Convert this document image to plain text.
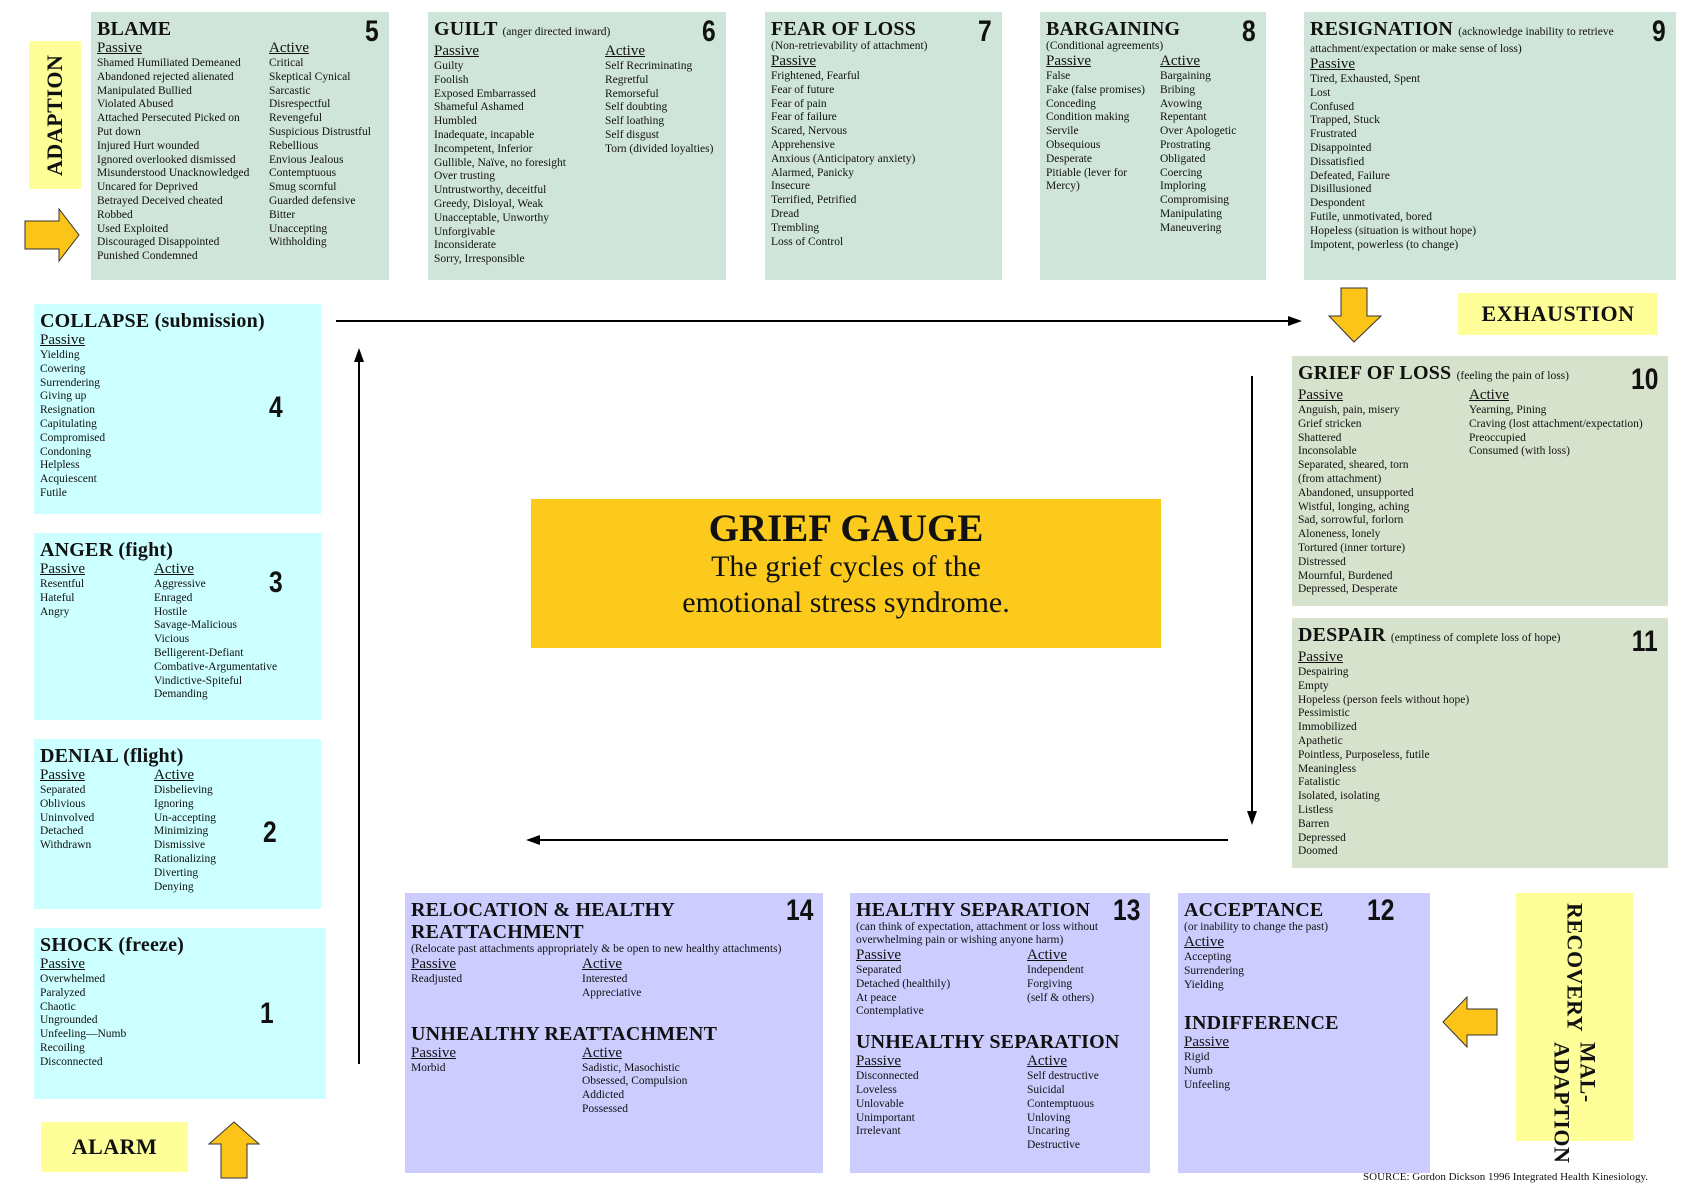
ADAPTION
BLAME	5
Passive
Shamed Humiliated Demeaned
Abandoned rejected alienated
Manipulated Bullied
Violated Abused
Attached Persecuted Picked on
Put down
Injured Hurt wounded
Ignored overlooked dismissed
Misunderstood Unacknowledged
Uncared for Deprived
Betrayed Deceived cheated
Robbed
Used Exploited
Discouraged Disappointed
Punished Condemned
Active
Critical
Skeptical Cynical
Sarcastic
Disrespectful
Revengeful
Suspicious Distrustful
Rebellious
Envious Jealous
Contemptuous
Smug scornful
Guarded defensive
Bitter
Unaccepting
Withholding
GUILT (anger directed inward)	6
Passive
Guilty
Foolish
Exposed Embarrassed
Shameful Ashamed
Humbled
Inadequate, incapable
Incompetent, Inferior
Gullible, Naïve, no foresight
Over trusting
Untrustworthy, deceitful
Greedy, Disloyal, Weak
Unacceptable, Unworthy
Unforgivable
Inconsiderate
Sorry, Irresponsible
Active
Self Recriminating
Regretful
Remorseful
Self doubting
Self loathing
Self disgust
Torn (divided loyalties)
FEAR OF LOSS	7
(Non-retrievability of attachment)
Passive
Frightened, Fearful
Fear of future
Fear of pain
Fear of failure
Scared, Nervous
Apprehensive
Anxious (Anticipatory anxiety)
Alarmed, Panicky
Insecure
Terrified, Petrified
Dread
Trembling
Loss of Control
BARGAINING	8
(Conditional agreements)
Passive
False
Fake (false promises)
Conceding
Condition making
Servile
Obsequious
Desperate
Pitiable (lever for
Mercy)
Active
Bargaining
Bribing
Avowing
Repentant
Over Apologetic
Prostrating
Obligated
Coercing
Imploring
Compromising
Manipulating
Maneuvering
RESIGNATION (acknowledge inability to retrieve	9
attachment/expectation or make sense of loss)
Passive
Tired, Exhausted, Spent
Lost
Confused
Trapped, Stuck
Frustrated
Disappointed
Dissatisfied
Defeated, Failure
Disillusioned
Despondent
Futile, unmotivated, bored
Hopeless (situation is without hope)
Impotent, powerless (to change)
COLLAPSE (submission)
4
Passive
Yielding
Cowering
Surrendering
Giving up
Resignation
Capitulating
Compromised
Condoning
Helpless
Acquiescent
Futile
ANGER (fight)
3
Passive
Resentful
Hateful
Angry
Active
Aggressive
Enraged
Hostile
Savage-Malicious
Vicious
Belligerent-Defiant
Combative-Argumentative
Vindictive-Spiteful
Demanding
DENIAL (flight)
2
Passive
Separated
Oblivious
Uninvolved
Detached
Withdrawn
Active
Disbelieving
Ignoring
Un-accepting
Minimizing
Dismissive
Rationalizing
Diverting
Denying
SHOCK (freeze)
1
Passive
Overwhelmed
Paralyzed
Chaotic
Ungrounded
Unfeeling—Numb
Recoiling
Disconnected
ALARM
EXHAUSTION
GRIEF OF LOSS (feeling the pain of loss)	10
Passive
Anguish, pain, misery
Grief stricken
Shattered
Inconsolable
Separated, sheared, torn
(from attachment)
Abandoned, unsupported
Wistful, longing, aching
Sad, sorrowful, forlorn
Aloneness, lonely
Tortured (inner torture)
Distressed
Mournful, Burdened
Depressed, Desperate
Active
Yearning, Pining
Craving (lost attachment/expectation)
Preoccupied
Consumed (with loss)
DESPAIR (emptiness of complete loss of hope)	11
Passive
Despairing
Empty
Hopeless (person feels without hope)
Pessimistic
Immobilized
Apathetic
Pointless, Purposeless, futile
Meaningless
Fatalistic
Isolated, isolating
Listless
Barren
Depressed
Doomed
RECOVERY
MAL-ADAPTION
ACCEPTANCE	12
(or inability to change the past)
Active
Accepting
Surrendering
Yielding
INDIFFERENCE
Passive
Rigid
Numb
Unfeeling
HEALTHY SEPARATION 13
(can think of expectation, attachment or loss without
overwhelming pain or wishing anyone harm)
Passive
Separated
Detached (healthily)
At peace
Contemplative
Active
Independent
Forgiving
(self & others)
UNHEALTHY SEPARATION
Passive
Disconnected
Loveless
Unlovable
Unimportant
Irrelevant
Active
Self destructive
Suicidal
Contemptuous
Unloving
Uncaring
Destructive
RELOCATION & HEALTHY
REATTACHMENT
14
(Relocate past attachments appropriately & be open to new healthy attachments)
Passive
Readjusted
Active
Interested
Appreciative
UNHEALTHY REATTACHMENT
Passive
Morbid
Active
Sadistic, Masochistic
Obsessed, Compulsion
Addicted
Possessed
GRIEF GAUGE
The grief cycles of the
emotional stress syndrome.
SOURCE: Gordon Dickson 1996 Integrated Health Kinesiology.
